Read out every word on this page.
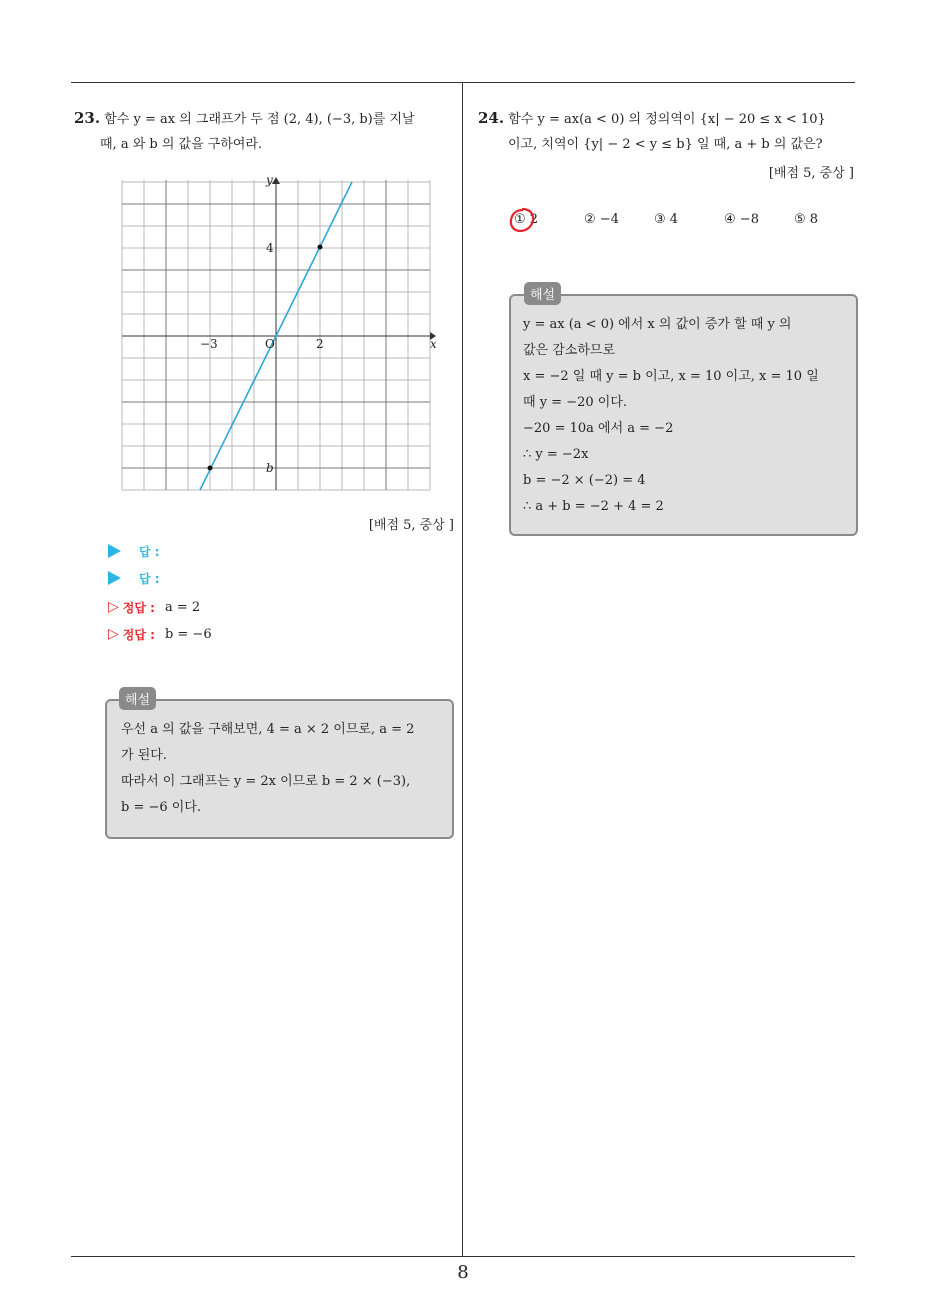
23. 함수 y = ax 의 그래프가 두 점 (2, 4), (−3, b)를 지날
때, a 와 b 의 값을 구하여라.
x
y
O
−3	2
4
b
[배점 5, 중상 ]
답 :
답 :
▷ 정답 : a = 2
▷ 정답 : b = −6
우선 a 의 값을 구해보면, 4 = a × 2 이므로, a = 2
가 된다.
따라서 이 그래프는 y = 2x 이므로 b = 2 × (−3),
b = −6 이다.
해설
24. 함수 y = ax(a < 0) 의 정의역이 {x| − 20 ≤ x < 10}
이고, 치역이 {y| − 2 < y ≤ b} 일 때, a + b 의 값은?
[배점 5, 중상 ]
① 2	② −4	③ 4	④ −8	⑤ 8
y = ax (a < 0) 에서 x 의 값이 증가 할 때 y 의
값은 감소하므로
x = −2 일 때 y = b 이고, x = 10 이고, x = 10 일
때 y = −20 이다.
−20 = 10a 에서 a = −2
∴ y = −2x
b = −2 × (−2) = 4
∴ a + b = −2 + 4 = 2
해설
8
